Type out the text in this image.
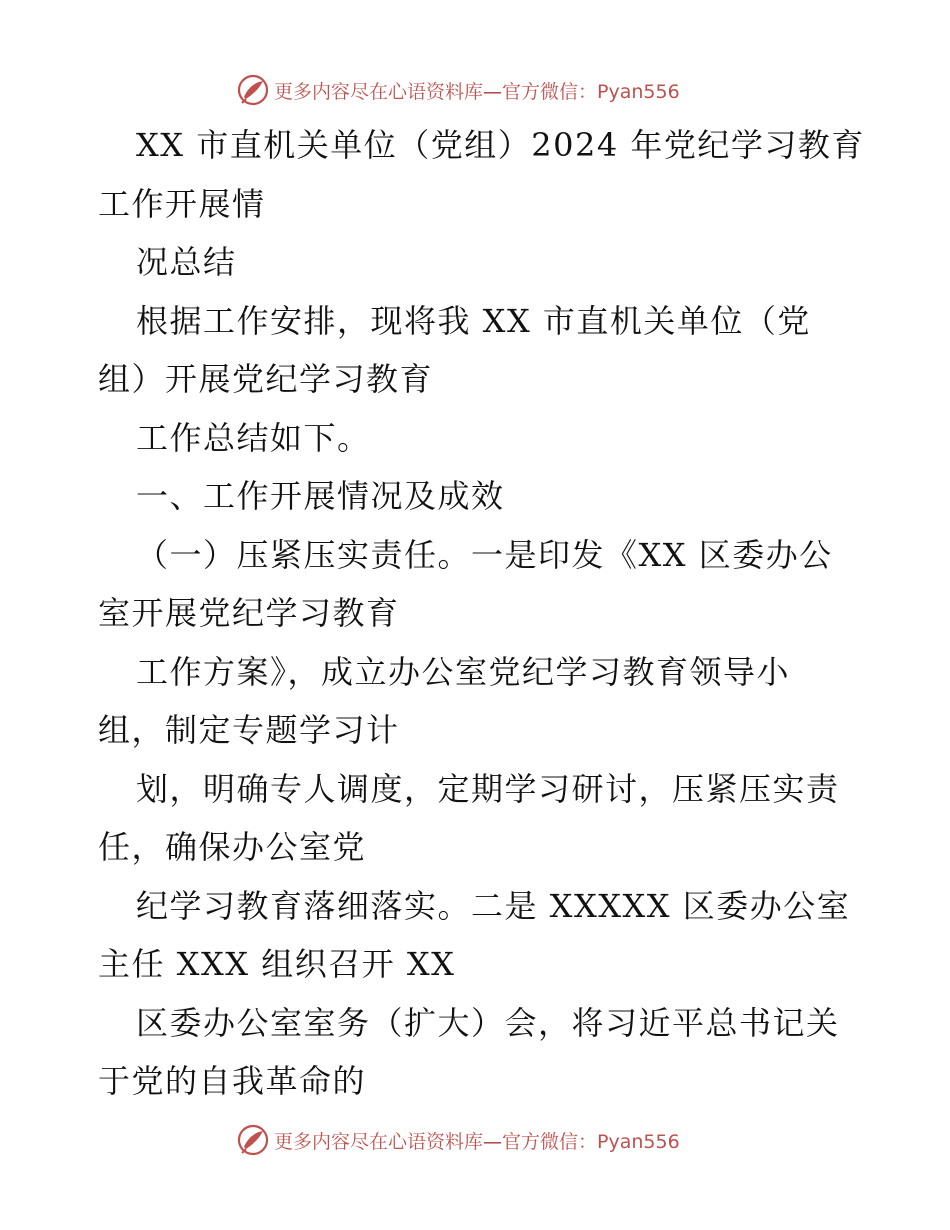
更多内容尽在心语资料库—官方微信：Pyan556
XX 市直机关单位（党组）2024 年党纪学习教育
工作开展情
况总结
根据工作安排，现将我 XX 市直机关单位（党
组）开展党纪学习教育
工作总结如下。
一、工作开展情况及成效
（一）压紧压实责任。一是印发《XX 区委办公
室开展党纪学习教育
工作方案》，成立办公室党纪学习教育领导小
组，制定专题学习计
划，明确专人调度，定期学习研讨，压紧压实责
任，确保办公室党
纪学习教育落细落实。二是 XXXXX 区委办公室
主任 XXX 组织召开 XX
区委办公室室务（扩大）会，将习近平总书记关
于党的自我革命的
更多内容尽在心语资料库—官方微信：Pyan556
